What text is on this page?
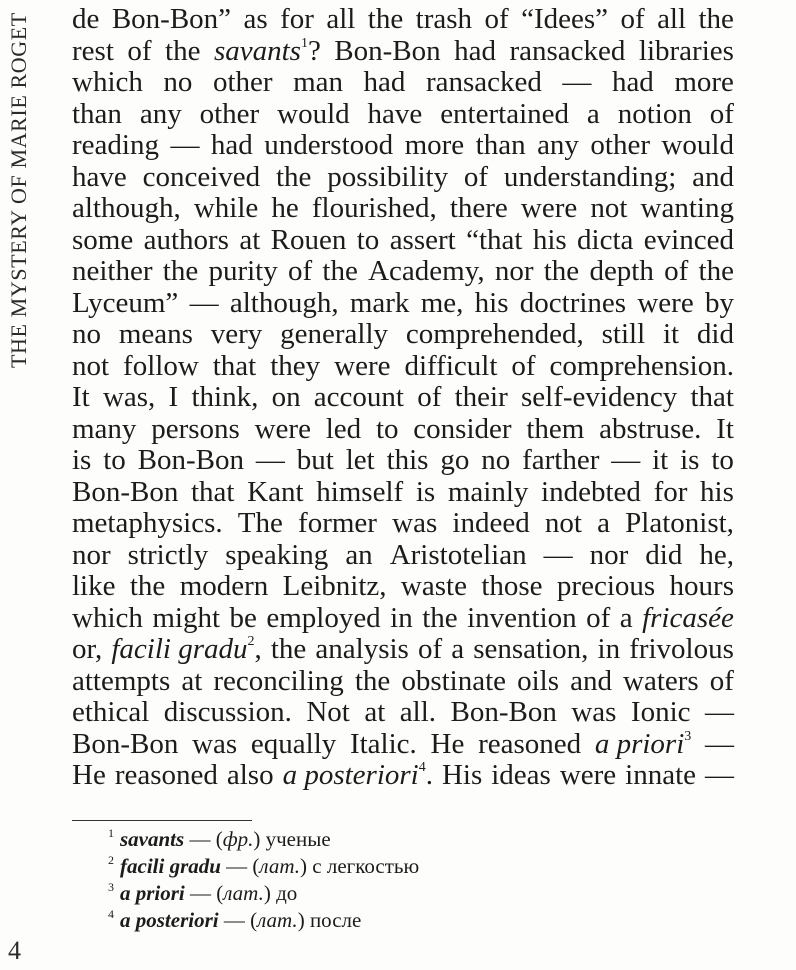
THE MYSTERY OF MARIE ROGET	de Bon-Bon” as for all the trash of “Idees” of all the
rest of the savants$^1$? Bon-Bon had ransacked libraries
which no other man had ransacked — had more
than any other would have entertained a notion of
reading — had understood more than any other would
have conceived the possibility of understanding; and
although, while he flourished, there were not wanting
some authors at Rouen to assert “that his dicta evinced
neither the purity of the Academy, nor the depth of the
Lyceum” — although, mark me, his doctrines were by
no means very generally comprehended, still it did
not follow that they were difficult of comprehension.
It was, I think, on account of their self-evidency that
many persons were led to consider them abstruse. It
is to Bon-Bon — but let this go no farther — it is to
Bon-Bon that Kant himself is mainly indebted for his
metaphysics. The former was indeed not a Platonist,
nor strictly speaking an Aristotelian — nor did he,
like the modern Leibnitz, waste those precious hours
which might be employed in the invention of a fricasée
or, facili gradu$^2$, the analysis of a sensation, in frivolous
attempts at reconciling the obstinate oils and waters of
ethical discussion. Not at all. Bon-Bon was Ionic —
Bon-Bon was equally Italic. He reasoned a priori$^3$ —
He reasoned also a posteriori$^4$. His ideas were innate —
$^1$ savants — (фр.) ученые
$^2$ facili gradu — (лат.) с легкостью
$^3$ a priori — (лат.) до
$^4$ a posteriori — (лат.) после
4
